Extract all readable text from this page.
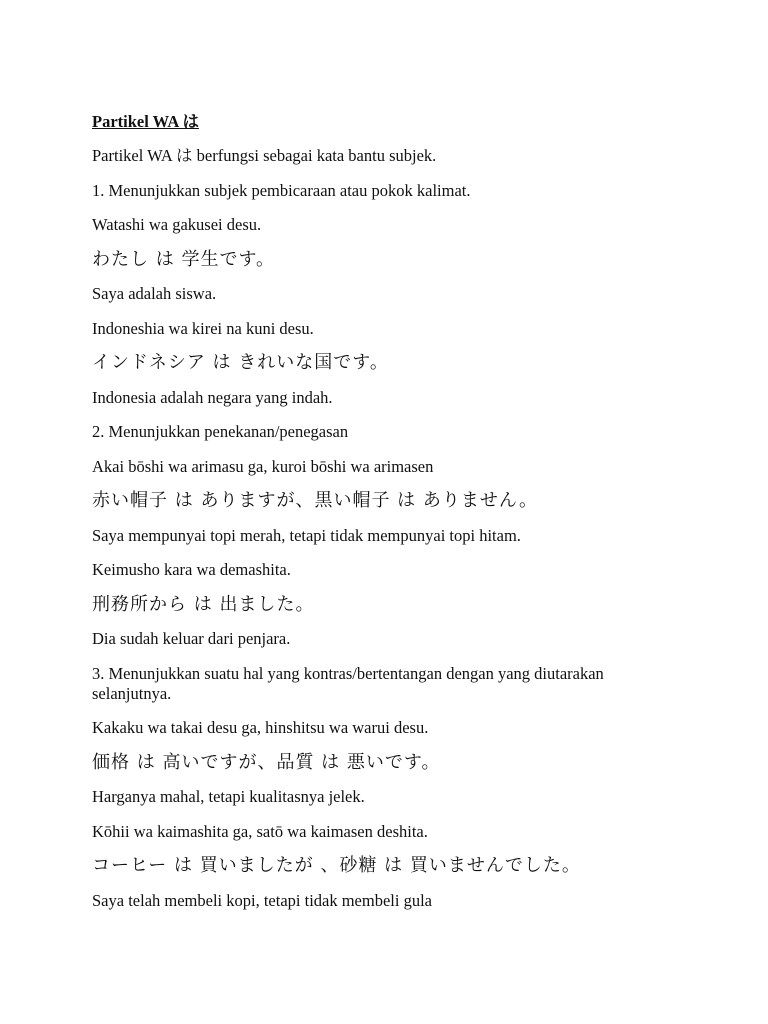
Partikel WA は
Partikel WA は berfungsi sebagai kata bantu subjek.
1. Menunjukkan subjek pembicaraan atau pokok kalimat.
Watashi wa gakusei desu.
わたし は 学生です。
Saya adalah siswa.
Indoneshia wa kirei na kuni desu.
インドネシア は きれいな国です。
Indonesia adalah negara yang indah.
2. Menunjukkan penekanan/penegasan
Akai bōshi wa arimasu ga, kuroi bōshi wa arimasen
赤い帽子 は ありますが、黒い帽子 は ありません。
Saya mempunyai topi merah, tetapi tidak mempunyai topi hitam.
Keimusho kara wa demashita.
刑務所から は 出ました。
Dia sudah keluar dari penjara.
3. Menunjukkan suatu hal yang kontras/bertentangan dengan yang diutarakan selanjutnya.
Kakaku wa takai desu ga, hinshitsu wa warui desu.
価格 は 高いですが、品質 は 悪いです。
Harganya mahal, tetapi kualitasnya jelek.
Kōhii wa kaimashita ga, satō wa kaimasen deshita.
コーヒー は 買いましたが 、砂糖 は 買いませんでした。
Saya telah membeli kopi, tetapi tidak membeli gula
